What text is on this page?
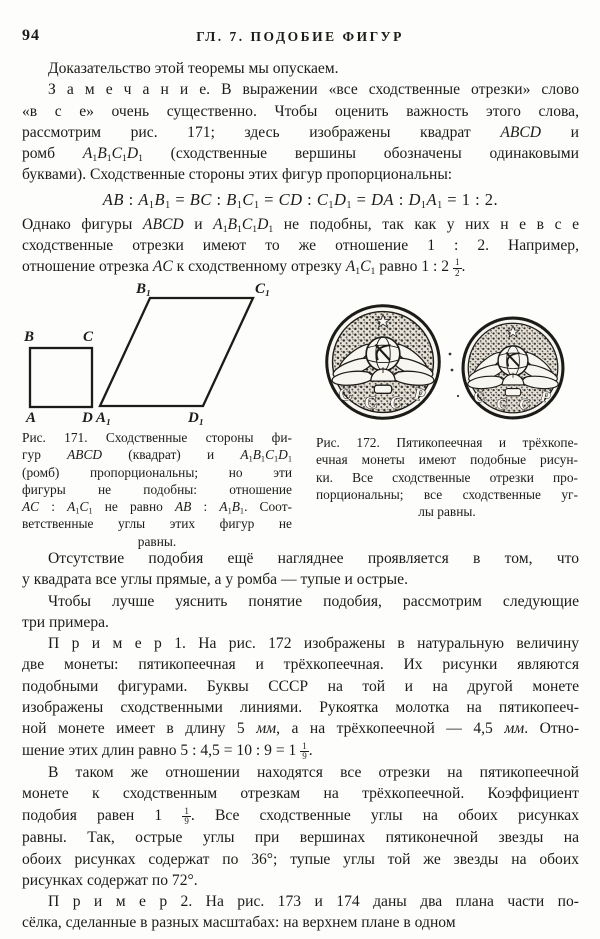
94	ГЛ. 7. ПОДОБИЕ ФИГУР
Доказательство этой теоремы мы опускаем.
З а м е ч а н и е. В выражении «все сходственные отрезки» слово
«в с е» очень существенно. Чтобы оценить важность этого слова,
рассмотрим рис. 171; здесь изображены квадрат ABCD и
ромб $A_1B_1C_1D_1$ (сходственные вершины обозначены одинаковыми
буквами). Сходственные стороны этих фигур пропорциональны:
AB : $A_1B_1$ = BC : $B_1C_1$ = CD : $C_1D_1$ = DA : $D_1A_1 = 1$ : 2.
Однако фигуры ABCD и $A_1B_1C_1D_1$ не подобны, так как у них н е в с е
сходственные отрезки имеют то же отношение 1 : 2. Например,
отношение отрезка AC к сходственному отрезку $A_1C_1$ равно 1 : $2 \frac{1}{2}$ .
B	C
A	D
B₁	C₁
A₁	D₁
С С С Р	С С С Р
Рис. 171. Сходственные стороны фи-
гур ABCD (квадрат) и $A_1B_1C_1D_1$
(ромб) пропорциональны; но эти
фигуры не подобны: отношение
AC : $A_1C_1$ не равно AB : $A_1B_1$. Соот-
ветственные углы этих фигур не
равны.
Рис. 172. Пятикопеечная и трёхкопе-
ечная монеты имеют подобные рисун-
ки. Все сходственные отрезки про-
порциональны; все сходственные уг-
лы равны.
Отсутствие подобия ещё нагляднее проявляется в том, что
у квадрата все углы прямые, а у ромба — тупые и острые.
Чтобы лучше уяснить понятие подобия, рассмотрим следующие
три примера.
П р и м е р 1. На рис. 172 изображены в натуральную величину
две монеты: пятикопеечная и трёхкопеечная. Их рисунки являются
подобными фигурами. Буквы СССР на той и на другой монете
изображены сходственными линиями. Рукоятка молотка на пятикопееч-
ной монете имеет в длину 5 мм, а на трёхкопеечной — 4,5 мм. Отно-
шение этих длин равно 5 : 4,5 = 10 : $9 = 1 \frac{1}{9}$ .
В таком же отношении находятся все отрезки на пятикопеечной
монете к сходственным отрезкам на трёхкопеечной. Коэффициент
подобия равен $1 \frac{1}{9}$ . Все сходственные углы на обоих рисунках
равны. Так, острые углы при вершинах пятиконечной звезды на
обоих рисунках содержат по 36°; тупые углы той же звезды на обоих
рисунках содержат по 72°.
П р и м е р 2. На рис. 173 и 174 даны два плана части по-
сёлка, сделанные в разных масштабах: на верхнем плане в одном
